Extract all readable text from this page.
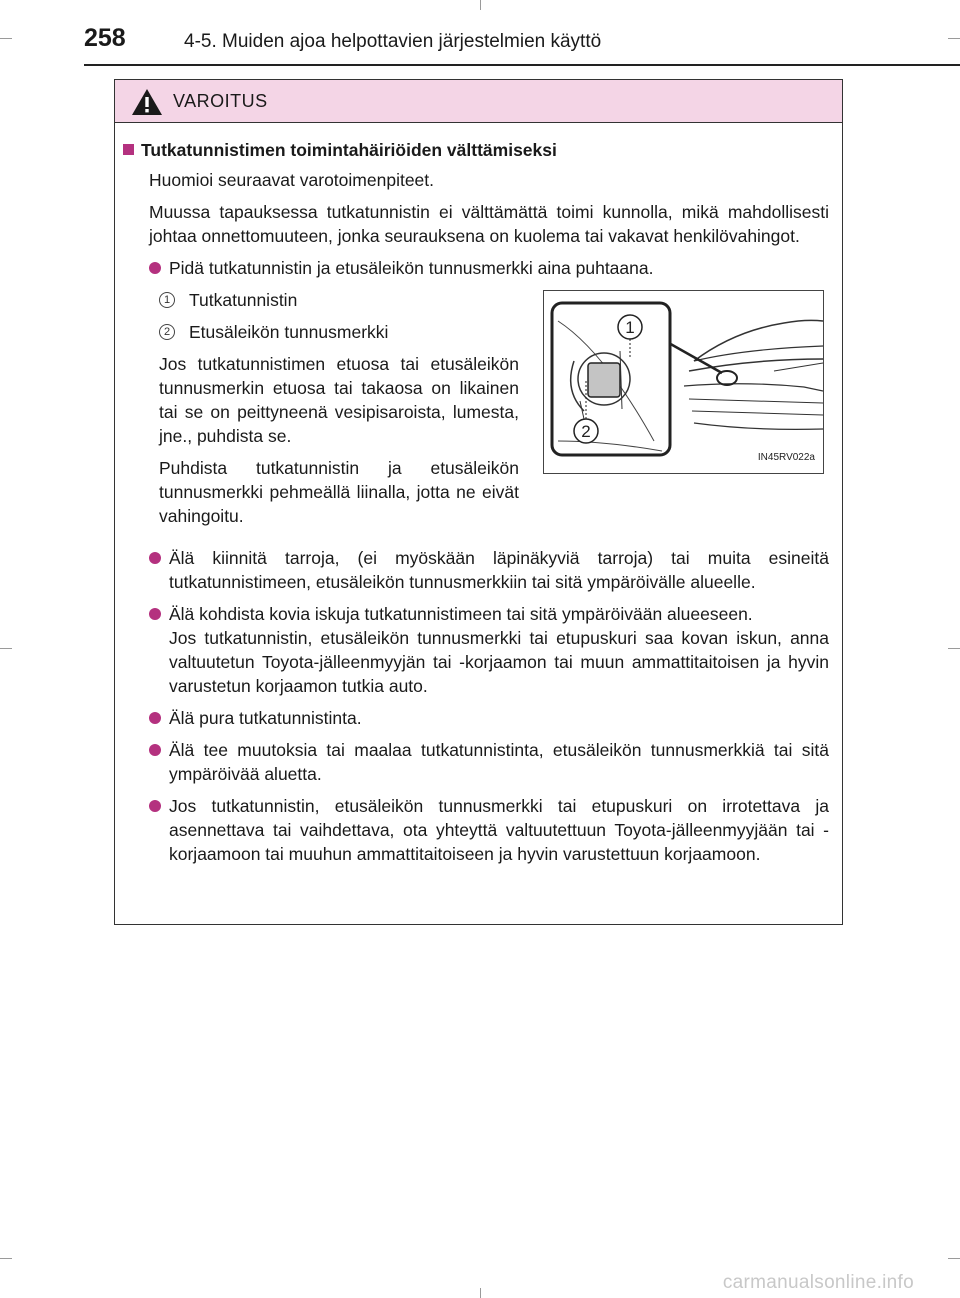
258	4-5. Muiden ajoa helpottavien järjestelmien käyttö
VAROITUS
Tutkatunnistimen toimintahäiriöiden välttämiseksi

Huomioi seuraavat varotoimenpiteet.

Muussa tapauksessa tutkatunnistin ei välttämättä toimi kunnolla, mikä mahdollisesti johtaa onnettomuuteen, jonka seurauksena on kuolema tai vakavat henkilövahingot.

Pidä tutkatunnistin ja etusäleikön tunnusmerkki aina puhtaana.
1 Tutkatunnistin
2 Etusäleikön tunnusmerkki

Jos tutkatunnistimen etuosa tai etusäleikön tunnusmerkin etuosa tai takaosa on likainen tai se on peittyneenä vesipisaroista, lumesta, jne., puhdista se.

Puhdista tutkatunnistin ja etusäleikön tunnusmerkki pehmeällä liinalla, jotta ne eivät vahingoitu.

1
2
IN45RV022a
Älä kiinnitä tarroja, (ei myöskään läpinäkyviä tarroja) tai muita esineitä tutkatunnistimeen, etusäleikön tunnusmerkkiin tai sitä ympäröivälle alueelle.
Älä kohdista kovia iskuja tutkatunnistimeen tai sitä ympäröivään alueeseen.
Jos tutkatunnistin, etusäleikön tunnusmerkki tai etupuskuri saa kovan iskun, anna valtuutetun Toyota-jälleenmyyjän tai -korjaamon tai muun ammattitaitoisen ja hyvin varustetun korjaamon tutkia auto.
Älä pura tutkatunnistinta.
Älä tee muutoksia tai maalaa tutkatunnistinta, etusäleikön tunnusmerkkiä tai sitä ympäröivää aluetta.
Jos tutkatunnistin, etusäleikön tunnusmerkki tai etupuskuri on irrotettava ja asennettava tai vaihdettava, ota yhteyttä valtuutettuun Toyota-jälleenmyyjään tai -korjaamoon tai muuhun ammattitaitoiseen ja hyvin varustettuun korjaamoon.
carmanualsonline.info
